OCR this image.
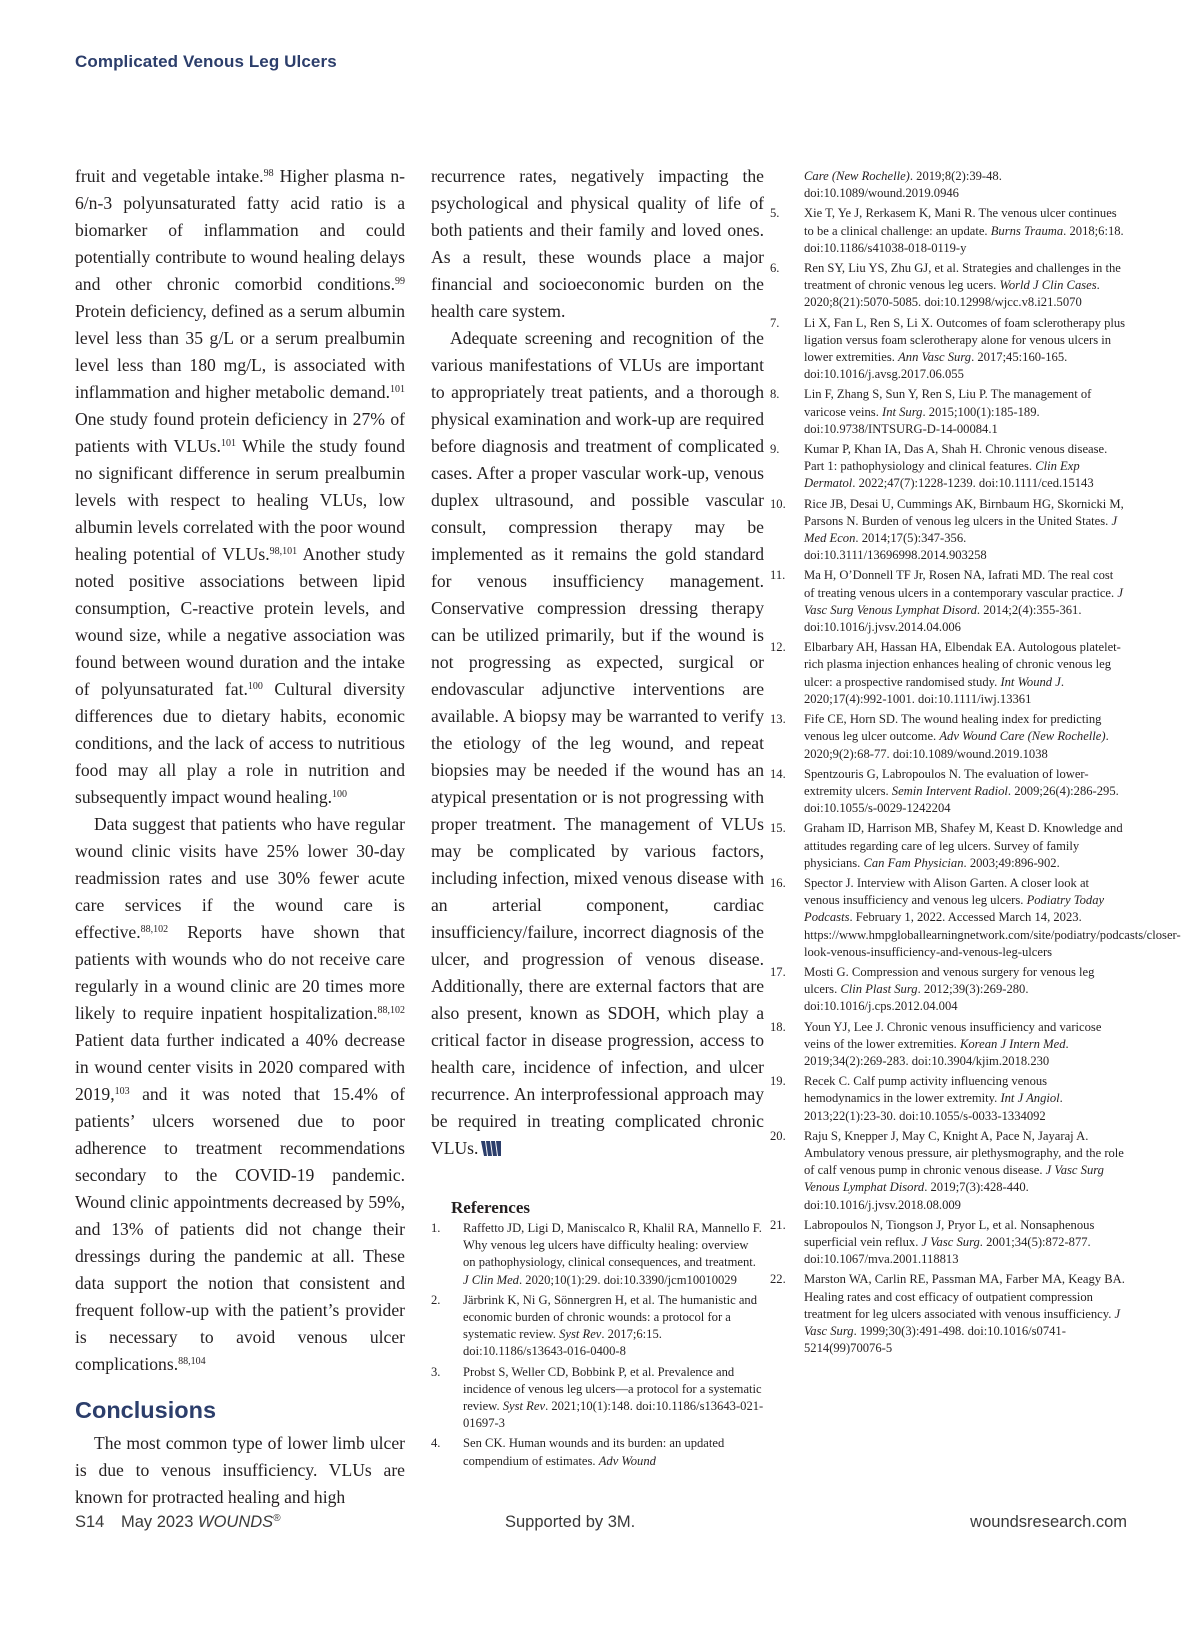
Complicated Venous Leg Ulcers

fruit and vegetable intake.$^{98}$ Higher plasma n-6/n-3 polyunsaturated fatty acid ratio is a biomarker of inflammation and could potentially contribute to wound healing delays and other chronic comorbid conditions.$^{99}$ Protein deficiency, defined as a serum albumin level less than 35 g/L or a serum prealbumin level less than 180 mg/L, is associated with inflammation and higher metabolic demand.$^{101}$ One study found protein deficiency in 27% of patients with VLUs.$^{101}$ While the study found no significant difference in serum prealbumin levels with respect to healing VLUs, low albumin levels correlated with the poor wound healing potential of VLUs.$^{98,101}$ Another study noted positive associations between lipid consumption, C-reactive protein levels, and wound size, while a negative association was found between wound duration and the intake of polyunsaturated fat.$^{100}$ Cultural diversity differences due to dietary habits, economic conditions, and the lack of access to nutritious food may all play a role in nutrition and subsequently impact wound healing.$^{100}$

Data suggest that patients who have regular wound clinic visits have 25% lower 30-day readmission rates and use 30% fewer acute care services if the wound care is effective.$^{88,102}$ Reports have shown that patients with wounds who do not receive care regularly in a wound clinic are 20 times more likely to require inpatient hospitalization.$^{88,102}$ Patient data further indicated a 40% decrease in wound center visits in 2020 compared with 2019,$^{103}$ and it was noted that 15.4% of patients’ ulcers worsened due to poor adherence to treatment recommendations secondary to the COVID-19 pandemic. Wound clinic appointments decreased by 59%, and 13% of patients did not change their dressings during the pandemic at all. These data support the notion that consistent and frequent follow-up with the patient’s provider is necessary to avoid venous ulcer complications.$^{88,104}$

Conclusions

The most common type of lower limb ulcer is due to venous insufficiency. VLUs are known for protracted healing and high

recurrence rates, negatively impacting the psychological and physical quality of life of both patients and their family and loved ones. As a result, these wounds place a major financial and socioeconomic burden on the health care system.

Adequate screening and recognition of the various manifestations of VLUs are important to appropriately treat patients, and a thorough physical examination and work-up are required before diagnosis and treatment of complicated cases. After a proper vascular work-up, venous duplex ultrasound, and possible vascular consult, compression therapy may be implemented as it remains the gold standard for venous insufficiency management. Conservative compression dressing therapy can be utilized primarily, but if the wound is not progressing as expected, surgical or endovascular adjunctive interventions are available. A biopsy may be warranted to verify the etiology of the leg wound, and repeat biopsies may be needed if the wound has an atypical presentation or is not progressing with proper treatment. The management of VLUs may be complicated by various factors, including infection, mixed venous disease with an arterial component, cardiac insufficiency/failure, incorrect diagnosis of the ulcer, and progression of venous disease. Additionally, there are external factors that are also present, known as SDOH, which play a critical factor in disease progression, access to health care, incidence of infection, and ulcer recurrence. An interprofessional approach may be required in treating complicated chronic VLUs.

References
1.	Raffetto JD, Ligi D, Maniscalco R, Khalil RA, Mannello F. Why venous leg ulcers have difficulty healing: overview on pathophysiology, clinical consequences, and treatment. J Clin Med. 2020;10(1):29. doi:10.3390/jcm10010029
2.	Järbrink K, Ni G, Sönnergren H, et al. The humanistic and economic burden of chronic wounds: a protocol for a systematic review. Syst Rev. 2017;6:15. doi:10.1186/s13643-016-0400-8
3.	Probst S, Weller CD, Bobbink P, et al. Prevalence and incidence of venous leg ulcers—a protocol for a systematic review. Syst Rev. 2021;10(1):148. doi:10.1186/s13643-021-01697-3
4.	Sen CK. Human wounds and its burden: an updated compendium of estimates. Adv Wound
Care (New Rochelle). 2019;8(2):39-48. doi:10.1089/wound.2019.0946
5.	Xie T, Ye J, Rerkasem K, Mani R. The venous ulcer continues to be a clinical challenge: an update. Burns Trauma. 2018;6:18. doi:10.1186/s41038-018-0119-y
6.	Ren SY, Liu YS, Zhu GJ, et al. Strategies and challenges in the treatment of chronic venous leg ucers. World J Clin Cases. 2020;8(21):5070-5085. doi:10.12998/wjcc.v8.i21.5070
7.	Li X, Fan L, Ren S, Li X. Outcomes of foam sclerotherapy plus ligation versus foam sclerotherapy alone for venous ulcers in lower extremities. Ann Vasc Surg. 2017;45:160-165. doi:10.1016/j.avsg.2017.06.055
8.	Lin F, Zhang S, Sun Y, Ren S, Liu P. The management of varicose veins. Int Surg. 2015;100(1):185-189. doi:10.9738/INTSURG-D-14-00084.1
9.	Kumar P, Khan IA, Das A, Shah H. Chronic venous disease. Part 1: pathophysiology and clinical features. Clin Exp Dermatol. 2022;47(7):1228-1239. doi:10.1111/ced.15143
10.	Rice JB, Desai U, Cummings AK, Birnbaum HG, Skornicki M, Parsons N. Burden of venous leg ulcers in the United States. J Med Econ. 2014;17(5):347-356. doi:10.3111/13696998.2014.903258
11.	Ma H, O’Donnell TF Jr, Rosen NA, Iafrati MD. The real cost of treating venous ulcers in a contemporary vascular practice. J Vasc Surg Venous Lymphat Disord. 2014;2(4):355-361. doi:10.1016/j.jvsv.2014.04.006
12.	Elbarbary AH, Hassan HA, Elbendak EA. Autologous platelet-rich plasma injection enhances healing of chronic venous leg ulcer: a prospective randomised study. Int Wound J. 2020;17(4):992-1001. doi:10.1111/iwj.13361
13.	Fife CE, Horn SD. The wound healing index for predicting venous leg ulcer outcome. Adv Wound Care (New Rochelle). 2020;9(2):68-77. doi:10.1089/wound.2019.1038
14.	Spentzouris G, Labropoulos N. The evaluation of lower-extremity ulcers. Semin Intervent Radiol. 2009;26(4):286-295. doi:10.1055/s-0029-1242204
15.	Graham ID, Harrison MB, Shafey M, Keast D. Knowledge and attitudes regarding care of leg ulcers. Survey of family physicians. Can Fam Physician. 2003;49:896-902.
16.	Spector J. Interview with Alison Garten. A closer look at venous insufficiency and venous leg ulcers. Podiatry Today Podcasts. February 1, 2022. Accessed March 14, 2023. https://www.hmpgloballearningnetwork.com/site/podiatry/podcasts/closer-look-venous-insufficiency-and-venous-leg-ulcers
17.	Mosti G. Compression and venous surgery for venous leg ulcers. Clin Plast Surg. 2012;39(3):269-280. doi:10.1016/j.cps.2012.04.004
18.	Youn YJ, Lee J. Chronic venous insufficiency and varicose veins of the lower extremities. Korean J Intern Med. 2019;34(2):269-283. doi:10.3904/kjim.2018.230
19.	Recek C. Calf pump activity influencing venous hemodynamics in the lower extremity. Int J Angiol. 2013;22(1):23-30. doi:10.1055/s-0033-1334092
20.	Raju S, Knepper J, May C, Knight A, Pace N, Jayaraj A. Ambulatory venous pressure, air plethysmography, and the role of calf venous pump in chronic venous disease. J Vasc Surg Venous Lymphat Disord. 2019;7(3):428-440. doi:10.1016/j.jvsv.2018.08.009
21.	Labropoulos N, Tiongson J, Pryor L, et al. Nonsaphenous superficial vein reflux. J Vasc Surg. 2001;34(5):872-877. doi:10.1067/mva.2001.118813
22.	Marston WA, Carlin RE, Passman MA, Farber MA, Keagy BA. Healing rates and cost efficacy of outpatient compression treatment for leg ulcers associated with venous insufficiency. J Vasc Surg. 1999;30(3):491-498. doi:10.1016/s0741-5214(99)70076-5
S14 May 2023 WOUNDS®	Supported by 3M.	woundsresearch.com
